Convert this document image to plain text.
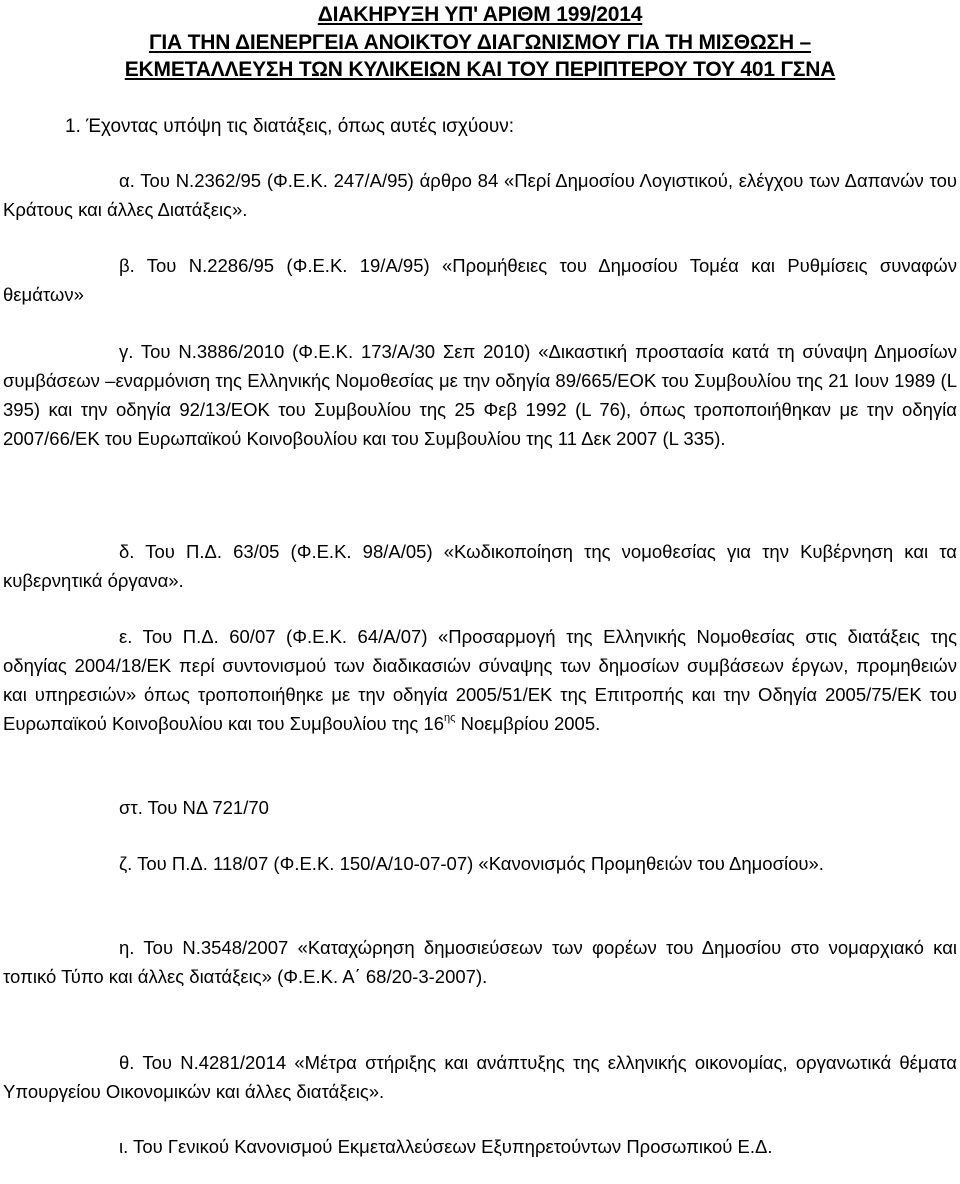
ΔΙΑΚΗΡΥΞΗ ΥΠ' ΑΡΙΘΜ 199/2014
ΓΙΑ ΤΗΝ ΔΙΕΝΕΡΓΕΙΑ ΑΝΟΙΚΤΟΥ ΔΙΑΓΩΝΙΣΜΟΥ ΓΙΑ ΤΗ ΜΙΣΘΩΣΗ –
ΕΚΜΕΤΑΛΛΕΥΣΗ ΤΩΝ ΚΥΛΙΚΕΙΩΝ ΚΑΙ ΤΟΥ ΠΕΡΙΠΤΕΡΟΥ ΤΟΥ 401 ΓΣΝΑ
1. Έχοντας υπόψη τις διατάξεις, όπως αυτές ισχύουν:

α. Του Ν.2362/95 (Φ.Ε.Κ. 247/Α/95) άρθρο 84 «Περί Δημοσίου Λογιστικού, ελέγχου των Δαπανών του Κράτους και άλλες Διατάξεις».

β. Του Ν.2286/95 (Φ.Ε.Κ. 19/Α/95) «Προμήθειες του Δημοσίου Τομέα και Ρυθμίσεις συναφών θεμάτων»

γ. Του Ν.3886/2010 (Φ.Ε.Κ. 173/Α/30 Σεπ 2010) «Δικαστική προστασία κατά τη σύναψη Δημοσίων συμβάσεων –εναρμόνιση της Ελληνικής Νομοθεσίας με την οδηγία 89/665/ΕΟΚ του Συμβουλίου της 21 Ιουν 1989 (L 395) και την οδηγία 92/13/ΕΟΚ του Συμβουλίου της 25 Φεβ 1992 (L 76), όπως τροποποιήθηκαν με την οδηγία 2007/66/ΕΚ του Ευρωπαϊκού Κοινοβουλίου και του Συμβουλίου της 11 Δεκ 2007 (L 335).

δ. Του Π.Δ. 63/05 (Φ.Ε.Κ. 98/Α/05) «Κωδικοποίηση της νομοθεσίας για την Κυβέρνηση και τα κυβερνητικά όργανα».

ε. Του Π.Δ. 60/07 (Φ.Ε.Κ. 64/Α/07) «Προσαρμογή της Ελληνικής Νομοθεσίας στις διατάξεις της οδηγίας 2004/18/ΕΚ περί συντονισμού των διαδικασιών σύναψης των δημοσίων συμβάσεων έργων, προμηθειών και υπηρεσιών» όπως τροποποιήθηκε με την οδηγία 2005/51/ΕΚ της Επιτροπής και την Οδηγία 2005/75/ΕΚ του Ευρωπαϊκού Κοινοβουλίου και του Συμβουλίου της $16^{\eta\varsigma}$ Νοεμβρίου 2005.

στ. Του ΝΔ 721/70

ζ. Του Π.Δ. 118/07 (Φ.Ε.Κ. 150/Α/10-07-07) «Κανονισμός Προμηθειών του Δημοσίου».

η. Του Ν.3548/2007 «Καταχώρηση δημοσιεύσεων των φορέων του Δημοσίου στο νομαρχιακό και τοπικό Τύπο και άλλες διατάξεις» (Φ.Ε.Κ. Α΄ 68/20-3-2007).

θ. Του Ν.4281/2014 «Μέτρα στήριξης και ανάπτυξης της ελληνικής οικονομίας, οργανωτικά θέματα Υπουργείου Οικονομικών και άλλες διατάξεις».

ι. Του Γενικού Κανονισμού Εκμεταλλεύσεων Εξυπηρετούντων Προσωπικού Ε.Δ.
